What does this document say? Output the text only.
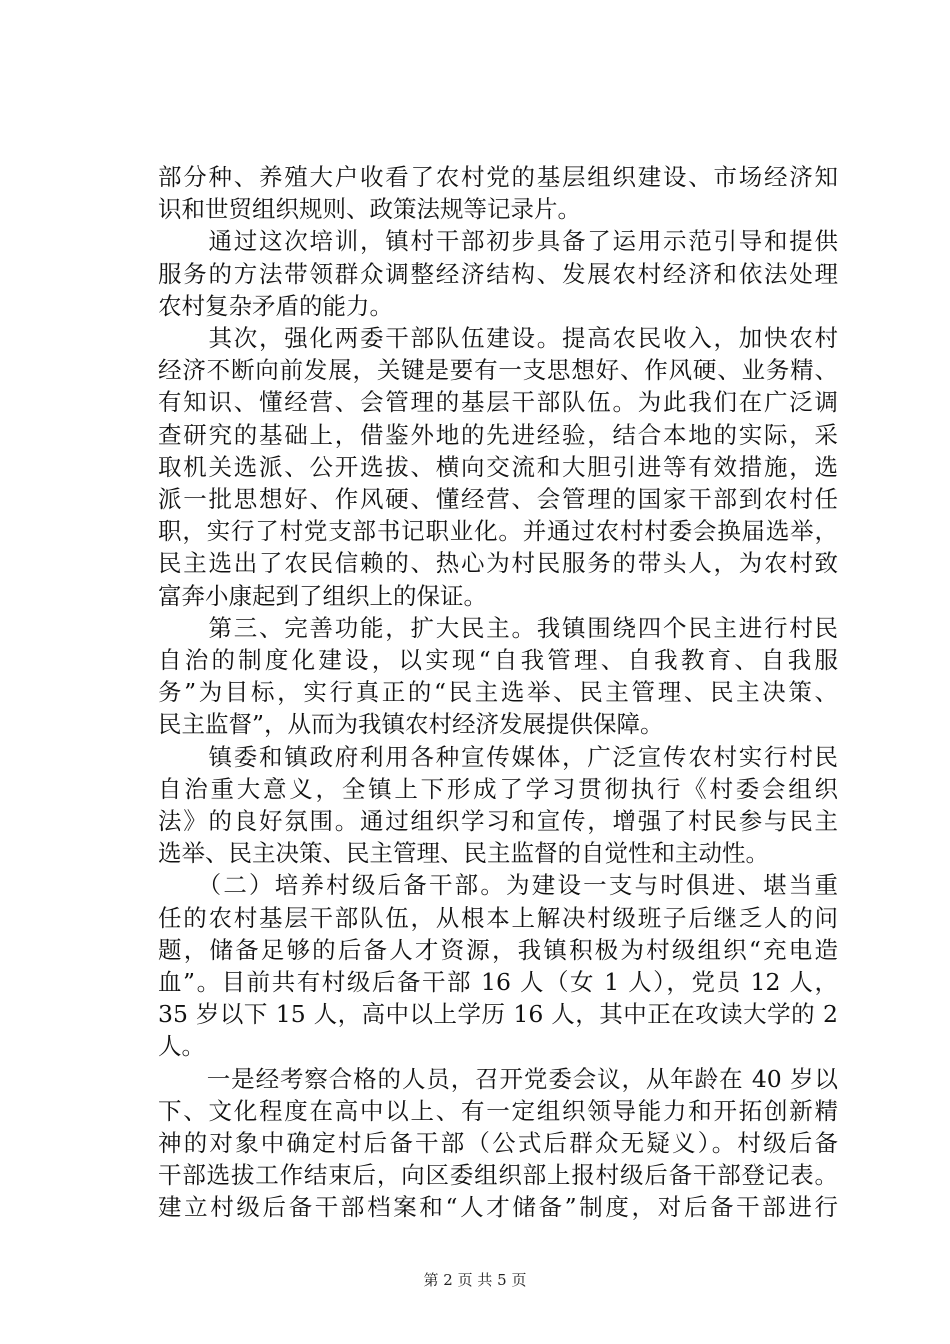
部分种、养殖大户收看了农村党的基层组织建设、市场经济知
识和世贸组织规则、政策法规等记录片。
　　通过这次培训，镇村干部初步具备了运用示范引导和提供
服务的方法带领群众调整经济结构、发展农村经济和依法处理
农村复杂矛盾的能力。
　　其次，强化两委干部队伍建设。提高农民收入，加快农村
经济不断向前发展，关键是要有一支思想好、作风硬、业务精、
有知识、懂经营、会管理的基层干部队伍。为此我们在广泛调
查研究的基础上，借鉴外地的先进经验，结合本地的实际，采
取机关选派、公开选拔、横向交流和大胆引进等有效措施，选
派一批思想好、作风硬、懂经营、会管理的国家干部到农村任
职，实行了村党支部书记职业化。并通过农村村委会换届选举，
民主选出了农民信赖的、热心为村民服务的带头人，为农村致
富奔小康起到了组织上的保证。
　　第三、完善功能，扩大民主。我镇围绕四个民主进行村民
自治的制度化建设，以实现“自我管理、自我教育、自我服
务”为目标，实行真正的“民主选举、民主管理、民主决策、
民主监督”，从而为我镇农村经济发展提供保障。
　　镇委和镇政府利用各种宣传媒体，广泛宣传农村实行村民
自治重大意义，全镇上下形成了学习贯彻执行《村委会组织
法》的良好氛围。通过组织学习和宣传，增强了村民参与民主
选举、民主决策、民主管理、民主监督的自觉性和主动性。
　　（二）培养村级后备干部。为建设一支与时俱进、堪当重
任的农村基层干部队伍，从根本上解决村级班子后继乏人的问
题，储备足够的后备人才资源，我镇积极为村级组织“充电造
血”。目前共有村级后备干部 16 人（女 1 人），党员 12 人，
35 岁以下 15 人，高中以上学历 16 人，其中正在攻读大学的 2
人。
　　一是经考察合格的人员，召开党委会议，从年龄在 40 岁以
下、文化程度在高中以上、有一定组织领导能力和开拓创新精
神的对象中确定村后备干部（公式后群众无疑义）。村级后备
干部选拔工作结束后，向区委组织部上报村级后备干部登记表。
建立村级后备干部档案和“人才储备”制度，对后备干部进行
第 2 页 共 5 页
